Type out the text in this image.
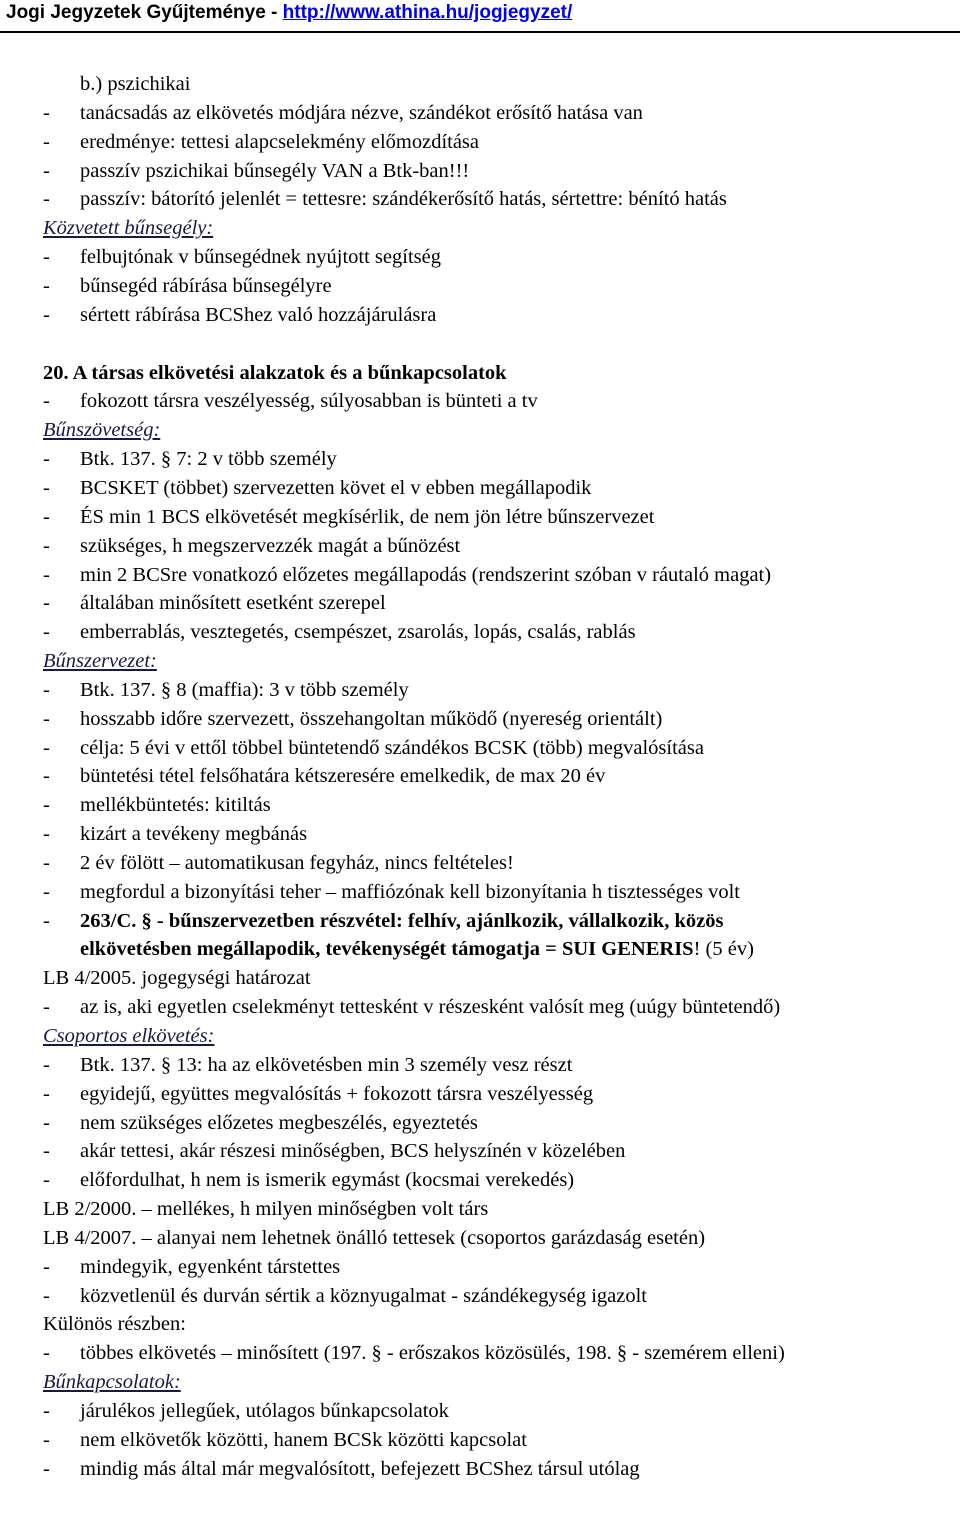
Jogi Jegyzetek Gyűjteménye - http://www.athina.hu/jogjegyzet/
b.) pszichikai
- tanácsadás az elkövetés módjára nézve, szándékot erősítő hatása van
- eredménye: tettesi alapcselekmény előmozdítása
- passzív pszichikai bűnsegély VAN a Btk-ban!!!
- passzív: bátorító jelenlét = tettesre: szándékerősítő hatás, sértettre: bénító hatás
Közvetett bűnsegély:
- felbujtónak v bűnsegédnek nyújtott segítség
- bűnsegéd rábírása bűnsegélyre
- sértett rábírása BCShez való hozzájárulásra
20. A társas elkövetési alakzatok és a bűnkapcsolatok
- fokozott társra veszélyesség, súlyosabban is bünteti a tv
Bűnszövetség:
- Btk. 137. § 7: 2 v több személy
- BCSKET (többet) szervezetten követ el v ebben megállapodik
- ÉS min 1 BCS elkövetését megkísérlik, de nem jön létre bűnszervezet
- szükséges, h megszervezzék magát a bűnözést
- min 2 BCSre vonatkozó előzetes megállapodás (rendszerint szóban v ráutaló magat)
- általában minősített esetként szerepel
- emberrablás, vesztegetés, csempészet, zsarolás, lopás, csalás, rablás
Bűnszervezet:
- Btk. 137. § 8 (maffia): 3 v több személy
- hosszabb időre szervezett, összehangoltan működő (nyereség orientált)
- célja: 5 évi v ettől többel büntetendő szándékos BCSK (több) megvalósítása
- büntetési tétel felsőhatára kétszeresére emelkedik, de max 20 év
- mellékbüntetés: kitiltás
- kizárt a tevékeny megbánás
- 2 év fölött – automatikusan fegyház, nincs feltételes!
- megfordul a bizonyítási teher – maffiózónak kell bizonyítania h tisztességes volt
- 263/C. § - bűnszervezetben részvétel: felhív, ajánlkozik, vállalkozik, közös
elkövetésben megállapodik, tevékenységét támogatja = SUI GENERIS! (5 év)
LB 4/2005. jogegységi határozat
- az is, aki egyetlen cselekményt tettesként v részesként valósít meg (uúgy büntetendő)
Csoportos elkövetés:
- Btk. 137. § 13: ha az elkövetésben min 3 személy vesz részt
- egyidejű, együttes megvalósítás + fokozott társra veszélyesség
- nem szükséges előzetes megbeszélés, egyeztetés
- akár tettesi, akár részesi minőségben, BCS helyszínén v közelében
- előfordulhat, h nem is ismerik egymást (kocsmai verekedés)
LB 2/2000. – mellékes, h milyen minőségben volt társ
LB 4/2007. – alanyai nem lehetnek önálló tettesek (csoportos garázdaság esetén)
- mindegyik, egyenként társtettes
- közvetlenül és durván sértik a köznyugalmat - szándékegység igazolt
Különös részben:
- többes elkövetés – minősített (197. § - erőszakos közösülés, 198. § - szemérem elleni)
Bűnkapcsolatok:
- járulékos jellegűek, utólagos bűnkapcsolatok
- nem elkövetők közötti, hanem BCSk közötti kapcsolat
- mindig más által már megvalósított, befejezett BCShez társul utólag
